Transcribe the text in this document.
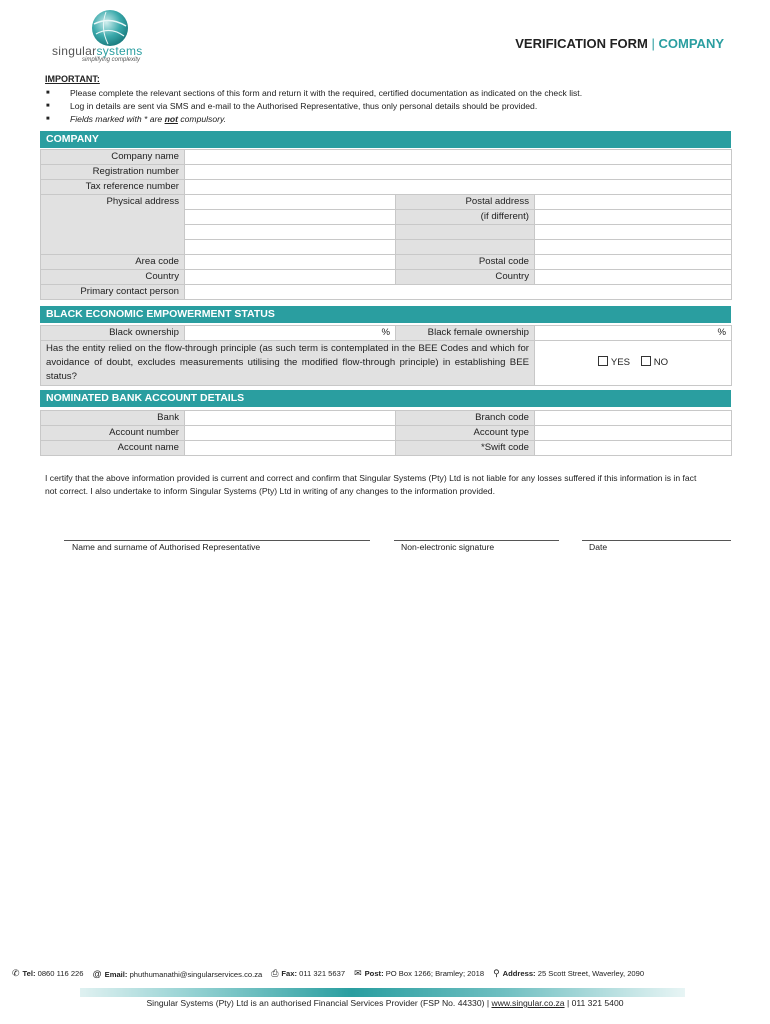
singularsystems
simplifying complexity
VERIFICATION FORM | COMPANY
IMPORTANT:
■	Please complete the relevant sections of this form and return it with the required, certified documentation as indicated on the check list.
■	Log in details are sent via SMS and e-mail to the Authorised Representative, thus only personal details should be provided.
■	Fields marked with * are not compulsory.
COMPANY
Company name			
Registration number			
Tax reference number			
Physical address		Postal address	
		(if different)	

Area code		Postal code	
Country		Country	
Primary contact person			
BLACK ECONOMIC EMPOWERMENT STATUS
Black ownership	%	Black female ownership	%
Has the entity relied on the flow-through principle (as such term is contemplated in the BEE Codes and which for avoidance of doubt, excludes measurements utilising the modified flow-through principle) in establishing BEE status?			YES NO
NOMINATED BANK ACCOUNT DETAILS
Bank		Branch code	
Account number		Account type	
Account name		*Swift code	
I certify that the above information provided is current and correct and confirm that Singular Systems (Pty) Ltd is not liable for any losses suffered if this information is in fact not correct. I also undertake to inform Singular Systems (Pty) Ltd in writing of any changes to the information provided.
Name and surname of Authorised Representative	Non-electronic signature	Date
✆ Tel: 0860 116 226 @ Email: phuthumanathi@singularservices.co.za ⎙ Fax: 011 321 5637 ✉ Post: PO Box 1266; Bramley; 2018 ⚲ Address: 25 Scott Street, Waverley, 2090
Singular Systems (Pty) Ltd is an authorised Financial Services Provider (FSP No. 44330) | www.singular.co.za | 011 321 5400
